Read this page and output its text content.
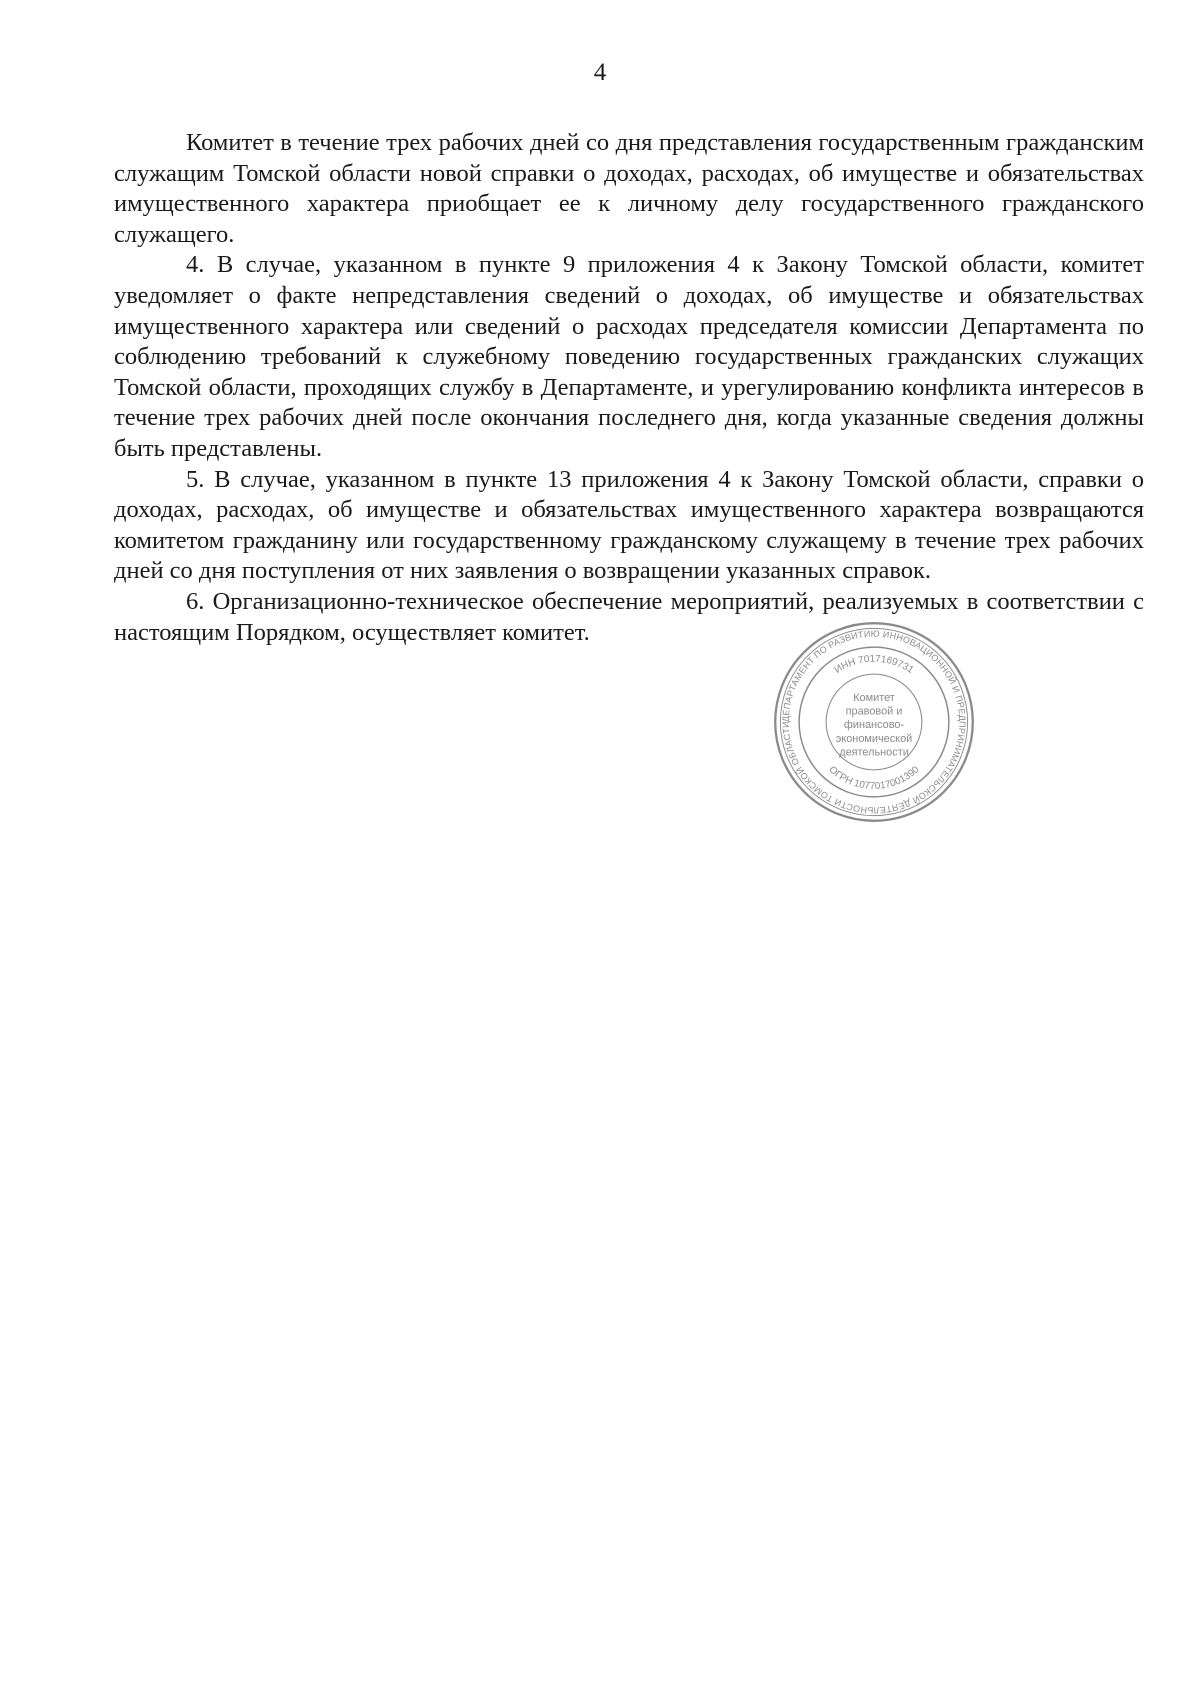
4

Комитет в течение трех рабочих дней со дня представления государственным гражданским служащим Томской области новой справки о доходах, расходах, об имуществе и обязательствах имущественного характера приобщает ее к личному делу государственного гражданского служащего.

4. В случае, указанном в пункте 9 приложения 4 к Закону Томской области, комитет уведомляет о факте непредставления сведений о доходах, об имуществе и обязательствах имущественного характера или сведений о расходах председателя комиссии Департамента по соблюдению требований к служебному поведению государственных гражданских служащих Томской области, проходящих службу в Департаменте, и урегулированию конфликта интересов в течение трех рабочих дней после окончания последнего дня, когда указанные сведения должны быть представлены.

5. В случае, указанном в пункте 13 приложения 4 к Закону Томской области, справки о доходах, расходах, об имуществе и обязательствах имущественного характера возвращаются комитетом гражданину или государственному гражданскому служащему в течение трех рабочих дней со дня поступления от них заявления о возвращении указанных справок.

6. Организационно-техническое обеспечение мероприятий, реализуемых в соответствии с настоящим Порядком, осуществляет комитет.

ДЕПАРТАМЕНТ ПО РАЗВИТИЮ ИННОВАЦИОННОЙ И ПРЕДПРИНИМАТЕЛЬСКОЙ ДЕЯТЕЛЬНОСТИ ТОМСКОЙ ОБЛАСТИ
ИНН 7017169731
ОГРН 1077017001390
Комитет
правовой и
финансово-
экономической
деятельности
